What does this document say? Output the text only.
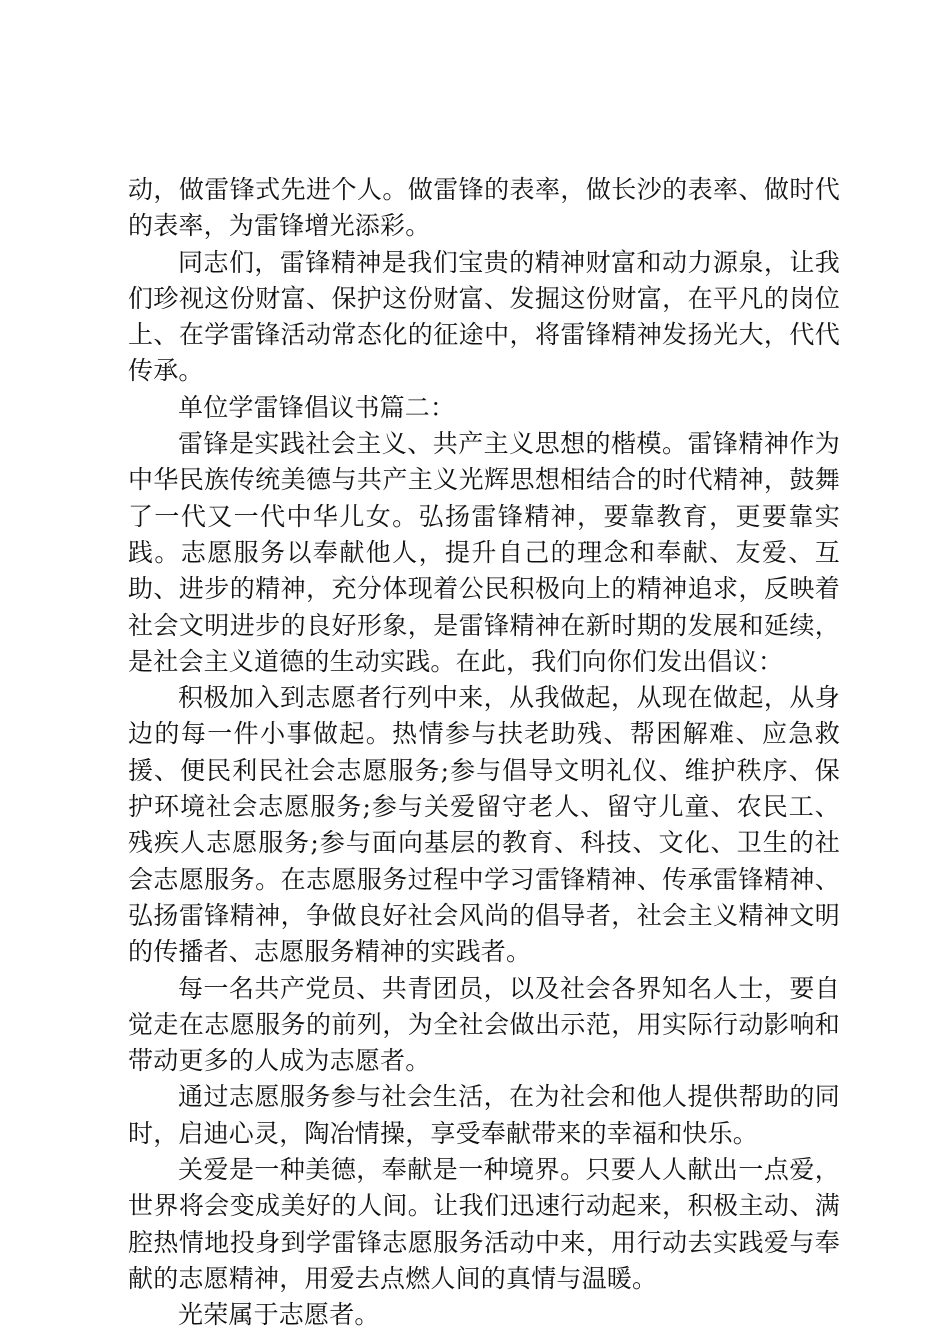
动，做雷锋式先进个人。做雷锋的表率，做长沙的表率、做时代的表率，为雷锋增光添彩。

同志们，雷锋精神是我们宝贵的精神财富和动力源泉，让我们珍视这份财富、保护这份财富、发掘这份财富，在平凡的岗位上、在学雷锋活动常态化的征途中，将雷锋精神发扬光大，代代传承。

单位学雷锋倡议书篇二：

雷锋是实践社会主义、共产主义思想的楷模。雷锋精神作为中华民族传统美德与共产主义光辉思想相结合的时代精神，鼓舞了一代又一代中华儿女。弘扬雷锋精神，要靠教育，更要靠实践。志愿服务以奉献他人，提升自己的理念和奉献、友爱、互助、进步的精神，充分体现着公民积极向上的精神追求，反映着社会文明进步的良好形象，是雷锋精神在新时期的发展和延续，是社会主义道德的生动实践。在此，我们向你们发出倡议：

积极加入到志愿者行列中来，从我做起，从现在做起，从身边的每一件小事做起。热情参与扶老助残、帮困解难、应急救援、便民利民社会志愿服务;参与倡导文明礼仪、维护秩序、保护环境社会志愿服务;参与关爱留守老人、留守儿童、农民工、残疾人志愿服务;参与面向基层的教育、科技、文化、卫生的社会志愿服务。在志愿服务过程中学习雷锋精神、传承雷锋精神、弘扬雷锋精神，争做良好社会风尚的倡导者，社会主义精神文明的传播者、志愿服务精神的实践者。

每一名共产党员、共青团员，以及社会各界知名人士，要自觉走在志愿服务的前列，为全社会做出示范，用实际行动影响和带动更多的人成为志愿者。

通过志愿服务参与社会生活，在为社会和他人提供帮助的同时，启迪心灵，陶冶情操，享受奉献带来的幸福和快乐。

关爱是一种美德，奉献是一种境界。只要人人献出一点爱，世界将会变成美好的人间。让我们迅速行动起来，积极主动、满腔热情地投身到学雷锋志愿服务活动中来，用行动去实践爱与奉献的志愿精神，用爱去点燃人间的真情与温暖。

光荣属于志愿者。
